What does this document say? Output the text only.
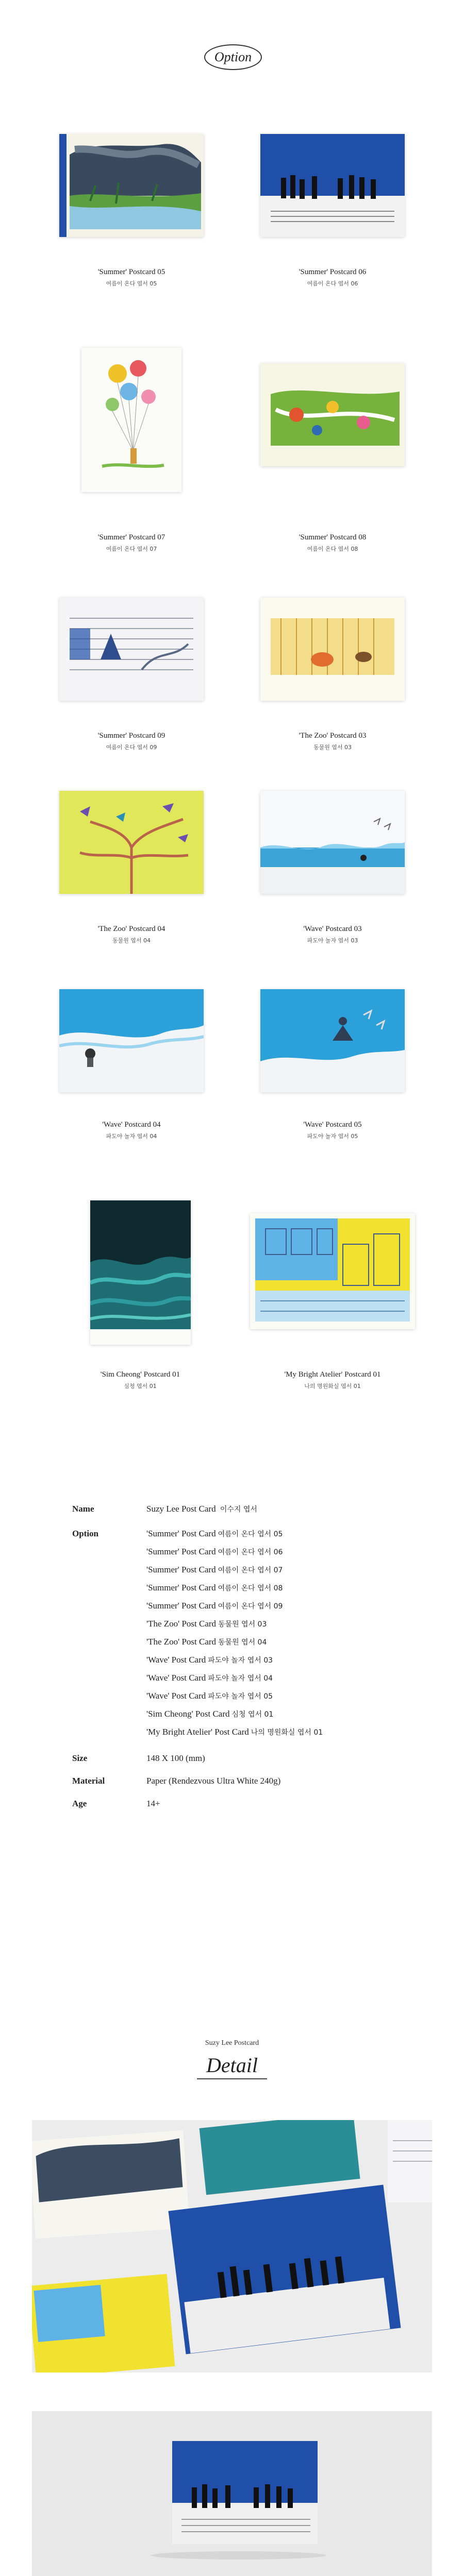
Option
'Summer' Postcard 05
여름이 온다 엽서 05
'Summer' Postcard 06
여름이 온다 엽서 06
'Summer' Postcard 07
여름이 온다 엽서 07
'Summer' Postcard 08
여름이 온다 엽서 08
'Summer' Postcard 09
여름이 온다 엽서 09
'The Zoo' Postcard 03
동물원 엽서 03
'The Zoo' Postcard 04
동물원 엽서 04
'Wave' Postcard 03
파도야 놀자 엽서 03
'Wave' Postcard 04
파도야 놀자 엽서 04
'Wave' Postcard 05
파도야 놀자 엽서 05
'Sim Cheong' Postcard 01
심청 엽서 01
'My Bright Atelier' Postcard 01
나의 명원화실 엽서 01
Name	Suzy Lee Post Card 이수지 엽서
Option	'Summer' Post Card 여름이 온다 엽서 05
'Summer' Post Card 여름이 온다 엽서 06
'Summer' Post Card 여름이 온다 엽서 07
'Summer' Post Card 여름이 온다 엽서 08
'Summer' Post Card 여름이 온다 엽서 09
'The Zoo' Post Card 동물원 엽서 03
'The Zoo' Post Card 동물원 엽서 04
'Wave' Post Card 파도야 놀자 엽서 03
'Wave' Post Card 파도야 놀자 엽서 04
'Wave' Post Card 파도야 놀자 엽서 05
'Sim Cheong' Post Card 심청 엽서 01
'My Bright Atelier' Post Card 나의 명원화실 엽서 01
Size	148 X 100 (mm)
Material	Paper (Rendezvous Ultra White 240g)
Age	14+
Suzy Lee Postcard
Detail
